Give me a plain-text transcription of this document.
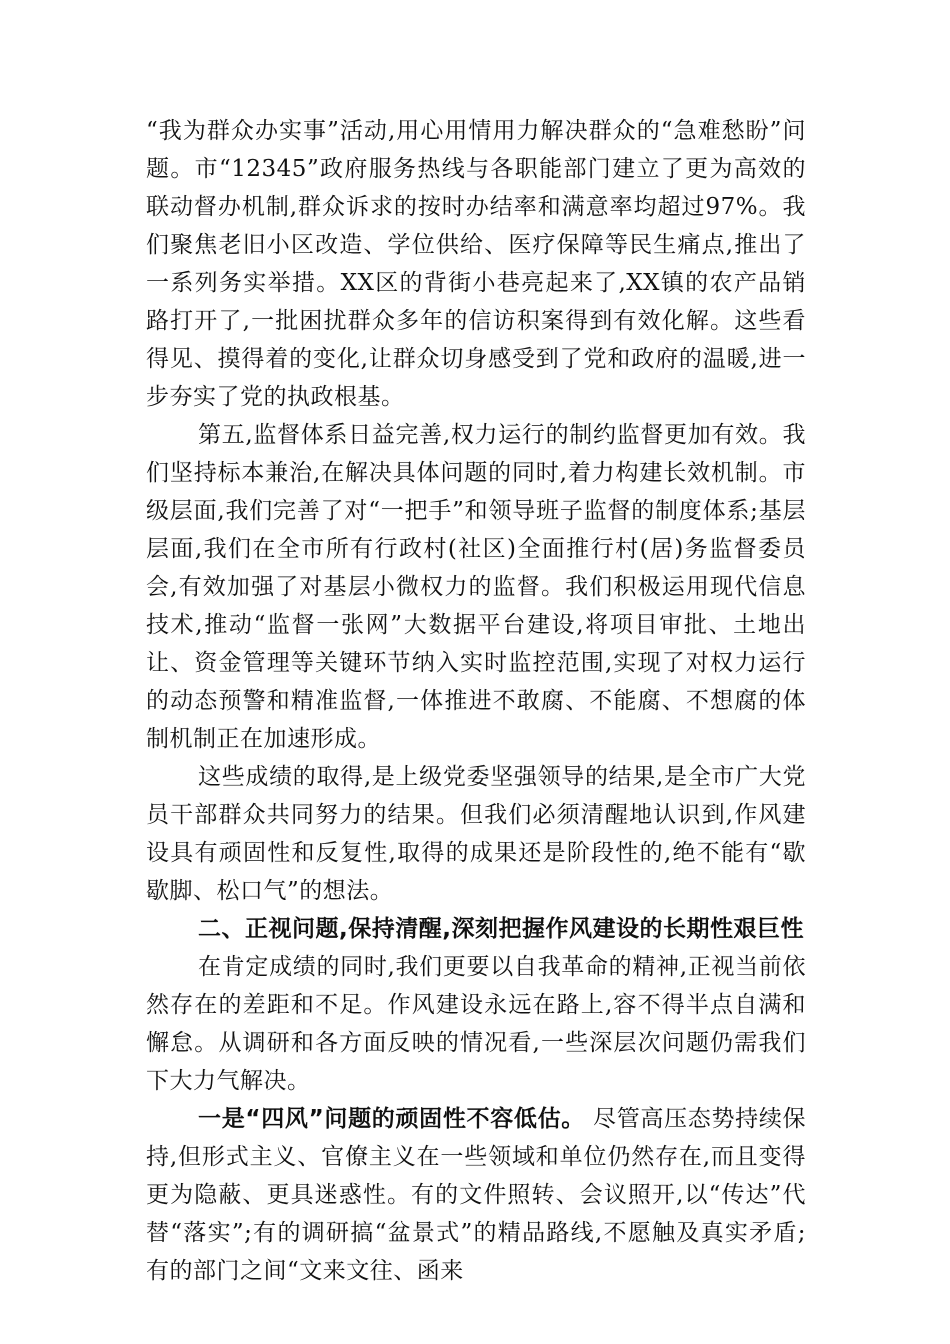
“我为群众办实事”活动,用心用情用力解决群众的“急难愁盼”问题。市“12345”政府服务热线与各职能部门建立了更为高效的联动督办机制,群众诉求的按时办结率和满意率均超过97%。我们聚焦老旧小区改造、学位供给、医疗保障等民生痛点,推出了一系列务实举措。XX区的背街小巷亮起来了,XX镇的农产品销路打开了,一批困扰群众多年的信访积案得到有效化解。这些看得见、摸得着的变化,让群众切身感受到了党和政府的温暖,进一步夯实了党的执政根基。

第五,监督体系日益完善,权力运行的制约监督更加有效。我们坚持标本兼治,在解决具体问题的同时,着力构建长效机制。市级层面,我们完善了对“一把手”和领导班子监督的制度体系;基层层面,我们在全市所有行政村(社区)全面推行村(居)务监督委员会,有效加强了对基层小微权力的监督。我们积极运用现代信息技术,推动“监督一张网”大数据平台建设,将项目审批、土地出让、资金管理等关键环节纳入实时监控范围,实现了对权力运行的动态预警和精准监督,一体推进不敢腐、不能腐、不想腐的体制机制正在加速形成。

这些成绩的取得,是上级党委坚强领导的结果,是全市广大党员干部群众共同努力的结果。但我们必须清醒地认识到,作风建设具有顽固性和反复性,取得的成果还是阶段性的,绝不能有“歇歇脚、松口气”的想法。

二、正视问题,保持清醒,深刻把握作风建设的长期性艰巨性

在肯定成绩的同时,我们更要以自我革命的精神,正视当前依然存在的差距和不足。作风建设永远在路上,容不得半点自满和懈怠。从调研和各方面反映的情况看,一些深层次问题仍需我们下大力气解决。

一是“四风”问题的顽固性不容低估。 尽管高压态势持续保持,但形式主义、官僚主义在一些领域和单位仍然存在,而且变得更为隐蔽、更具迷惑性。有的文件照转、会议照开,以“传达”代替“落实”;有的调研搞“盆景式”的精品路线,不愿触及真实矛盾;有的部门之间“文来文往、函来
